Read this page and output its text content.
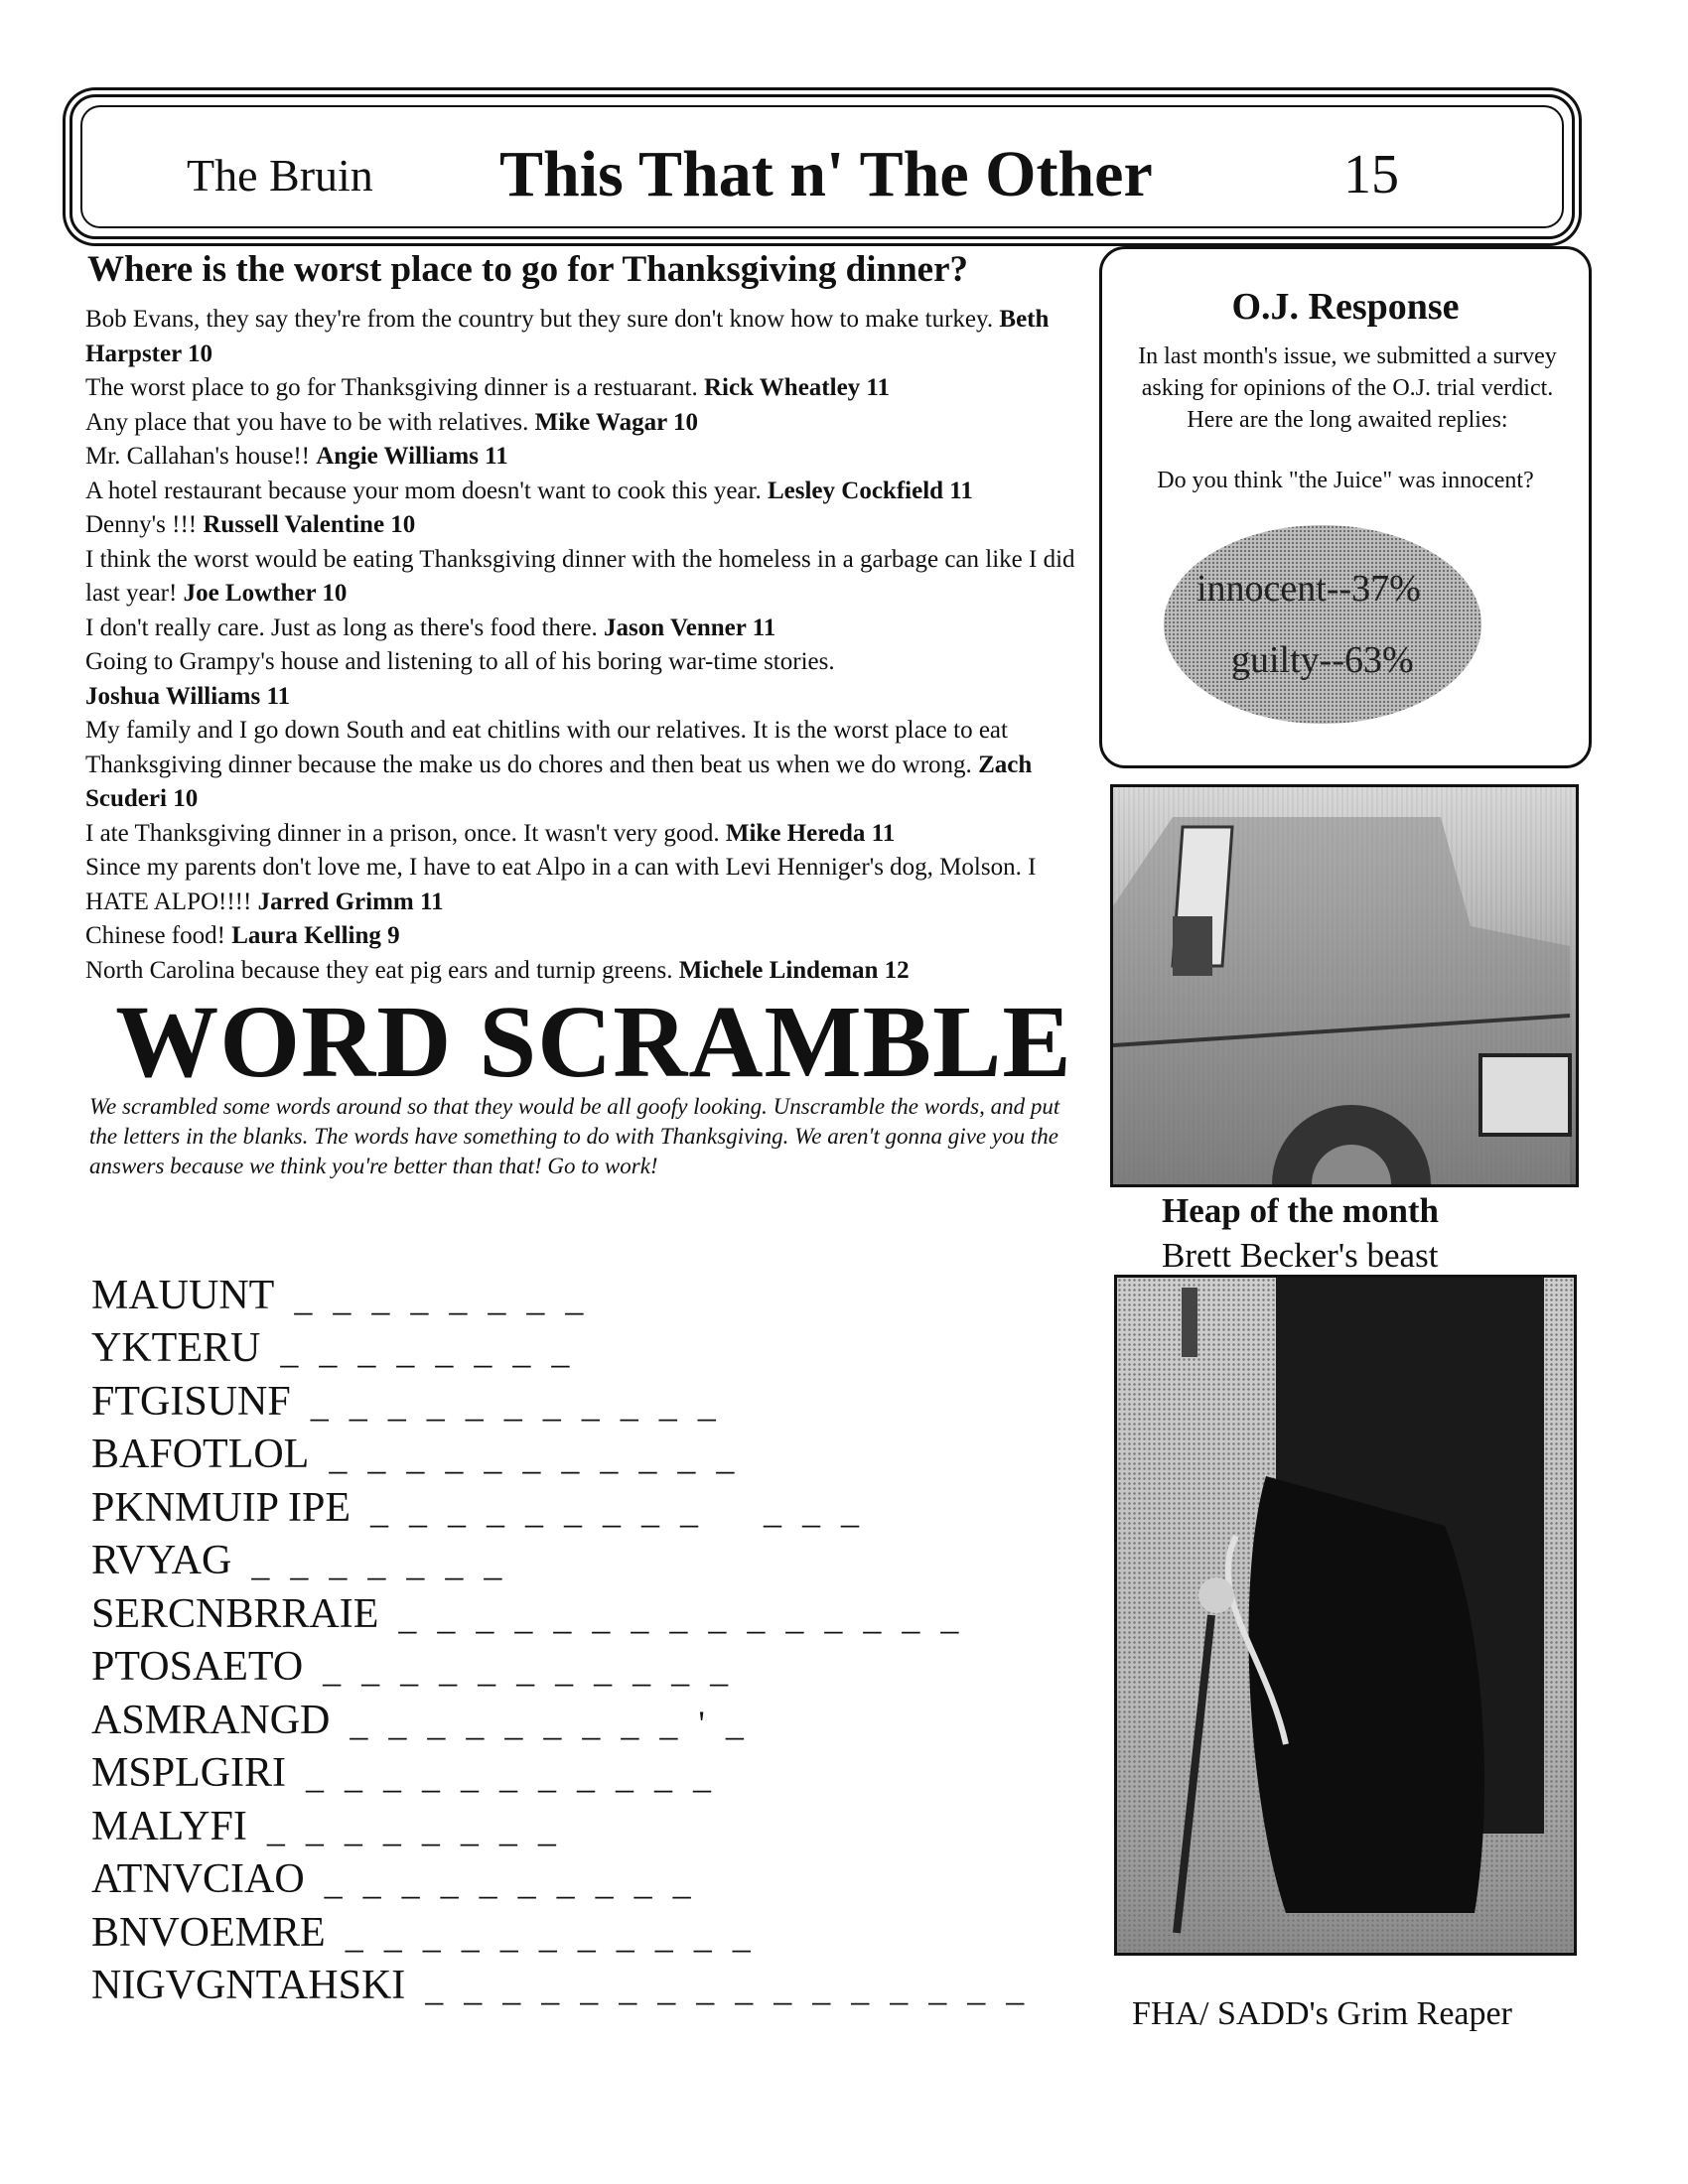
The Bruin This That n' The Other	15
Where is the worst place to go for Thanksgiving dinner?

Bob Evans, they say they're from the country but they sure don't know how to make turkey. Beth Harpster 10

The worst place to go for Thanksgiving dinner is a restuarant. Rick Wheatley 11

Any place that you have to be with relatives. Mike Wagar 10

Mr. Callahan's house!! Angie Williams 11

A hotel restaurant because your mom doesn't want to cook this year. Lesley Cockfield 11

Denny's !!! Russell Valentine 10

I think the worst would be eating Thanksgiving dinner with the homeless in a garbage can like I did last year! Joe Lowther 10

I don't really care. Just as long as there's food there. Jason Venner 11

Going to Grampy's house and listening to all of his boring war-time stories.
Joshua Williams 11

My family and I go down South and eat chitlins with our relatives. It is the worst place to eat Thanksgiving dinner because the make us do chores and then beat us when we do wrong. Zach Scuderi 10

I ate Thanksgiving dinner in a prison, once. It wasn't very good. Mike Hereda 11

Since my parents don't love me, I have to eat Alpo in a can with Levi Henniger's dog, Molson. I HATE ALPO!!!! Jarred Grimm 11

Chinese food! Laura Kelling 9

North Carolina because they eat pig ears and turnip greens. Michele Lindeman 12

WORD SCRAMBLE
We scrambled some words around so that they would be all goofy looking. Unscramble the words, and put the letters in the blanks. The words have something to do with Thanksgiving. We aren't gonna give you the answers because we think you're better than that! Go to work!
MAUUNT _ _ _ _ _ _ _ _
YKTERU _ _ _ _ _ _ _ _
FTGISUNF _ _ _ _ _ _ _ _ _ _ _
BAFOTLOL _ _ _ _ _ _ _ _ _ _ _
PKNMUIP IPE _ _ _ _ _ _ _ _ _ _ _ _
RVYAG _ _ _ _ _ _ _
SERCNBRRAIE _ _ _ _ _ _ _ _ _ _ _ _ _ _ _
PTOSAETO _ _ _ _ _ _ _ _ _ _ _
ASMRANGD _ _ _ _ _ _ _ _ _ ' _
MSPLGIRI _ _ _ _ _ _ _ _ _ _ _
MALYFI _ _ _ _ _ _ _ _
ATNVCIAO _ _ _ _ _ _ _ _ _ _
BNVOEMRE _ _ _ _ _ _ _ _ _ _ _
NIGVGNTAHSKI _ _ _ _ _ _ _ _ _ _ _ _ _ _ _ _
O.J. Response
In last month's issue, we submitted a survey asking for opinions of the O.J. trial verdict. Here are the long awaited replies:
Do you think "the Juice" was innocent?
innocent--37%
guilty--63%
Heap of the month
Brett Becker's beast
FHA/ SADD's Grim Reaper
